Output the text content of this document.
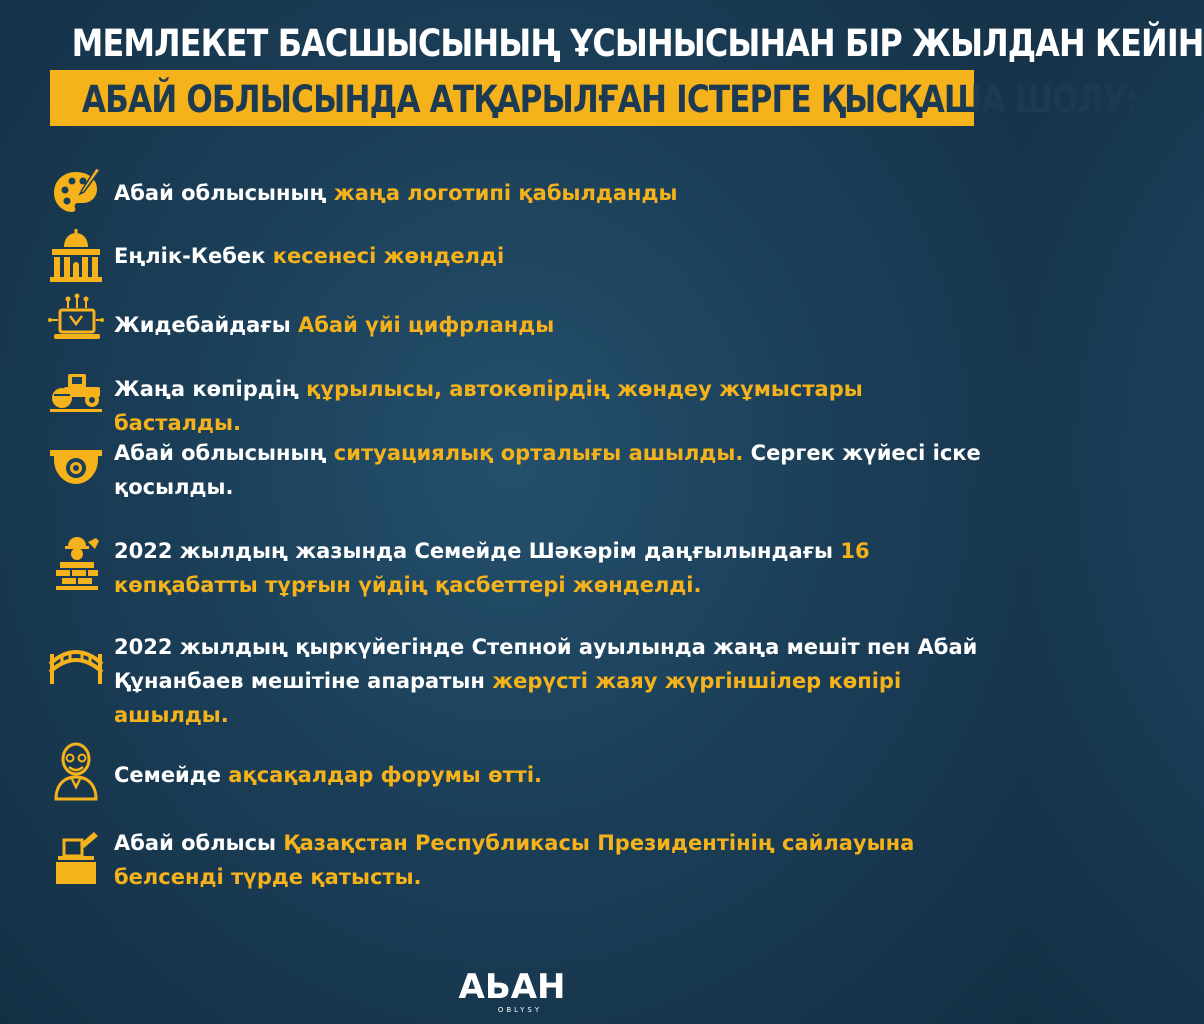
МЕМЛЕКЕТ БАСШЫСЫНЫҢ ҰСЫНЫСЫНАН БІР ЖЫЛДАН КЕЙІН
АБАЙ ОБЛЫСЫНДА АТҚАРЫЛҒАН ІСТЕРГЕ ҚЫСҚАША ШОЛУ:
Абай облысының жаңа логотипі қабылданды
Еңлік-Кебек кесенесі жөнделді
Жидебайдағы Абай үйі цифрланды
Жаңа көпірдің құрылысы, автокөпірдің жөндеу жұмыстары басталды.
Абай облысының ситуациялық орталығы ашылды. Сергек жүйесі іске қосылды.
2022 жылдың жазында Семейде Шәкәрім даңғылындағы 16 көпқабатты тұрғын үйдің қасбеттері жөнделді.
2022 жылдың қыркүйегінде Степной ауылында жаңа мешіт пен Абай Құнанбаев мешітіне апаратын жерүсті жаяу жүргіншілер көпірі ашылды.
Семейде ақсақалдар форумы өтті.
Абай облысы Қазақстан Республикасы Президентінің сайлауына белсенді түрде қатысты.
АЬАН
OBLYSY
